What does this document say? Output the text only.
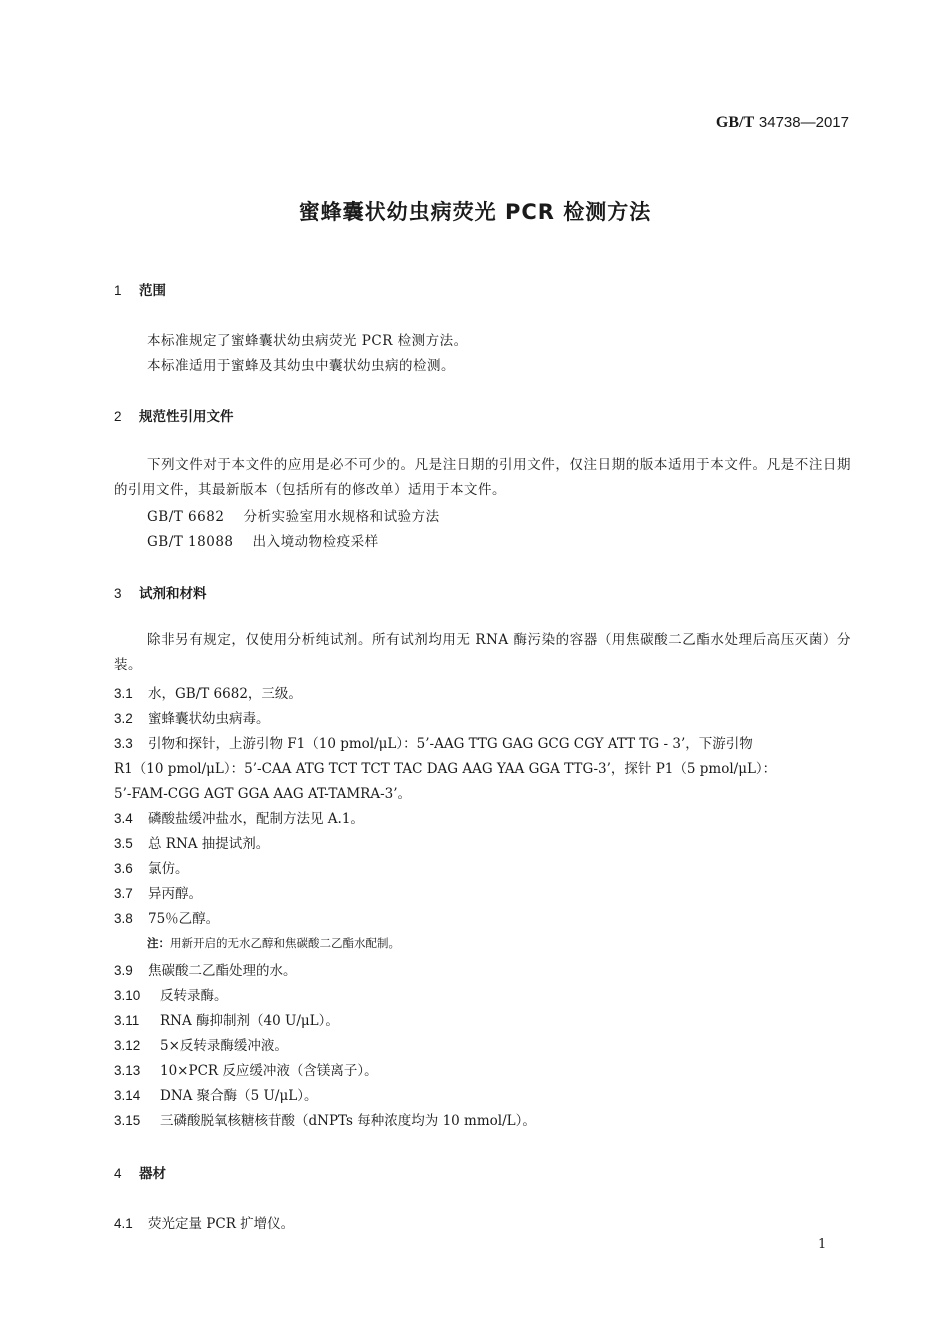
GB/T 34738—2017
蜜蜂囊状幼虫病荧光 PCR 检测方法
1 范围
本标准规定了蜜蜂囊状幼虫病荧光 PCR 检测方法。
本标准适用于蜜蜂及其幼虫中囊状幼虫病的检测。
2 规范性引用文件
下列文件对于本文件的应用是必不可少的。凡是注日期的引用文件，仅注日期的版本适用于本文件。凡是不注日期的引用文件，其最新版本（包括所有的修改单）适用于本文件。
GB/T 6682 分析实验室用水规格和试验方法
GB/T 18088 出入境动物检疫采样
3 试剂和材料
除非另有规定，仅使用分析纯试剂。所有试剂均用无 RNA 酶污染的容器（用焦碳酸二乙酯水处理后高压灭菌）分装。
3.1 水，GB/T 6682，三级。
3.2 蜜蜂囊状幼虫病毒。
3.3 引物和探针，上游引物 F1（10 pmol/μL）：5’-AAG TTG GAG GCG CGY ATT TG - 3’，下游引物
R1（10 pmol/μL）：5’-CAA ATG TCT TCT TAC DAG AAG YAA GGA TTG-3’，探针 P1（5 pmol/μL）：
5’-FAM-CGG AGT GGA AAG AT-TAMRA-3’。
3.4 磷酸盐缓冲盐水，配制方法见 A.1。
3.5 总 RNA 抽提试剂。
3.6 氯仿。
3.7 异丙醇。
3.8 75％乙醇。
注：用新开启的无水乙醇和焦碳酸二乙酯水配制。
3.9 焦碳酸二乙酯处理的水。
3.10 反转录酶。
3.11 RNA 酶抑制剂（40 U/μL）。
3.12 5×反转录酶缓冲液。
3.13 10×PCR 反应缓冲液（含镁离子）。
3.14 DNA 聚合酶（5 U/μL）。
3.15 三磷酸脱氧核糖核苷酸（dNPTs 每种浓度均为 10 mmol/L）。
4 器材
4.1 荧光定量 PCR 扩增仪。
1
